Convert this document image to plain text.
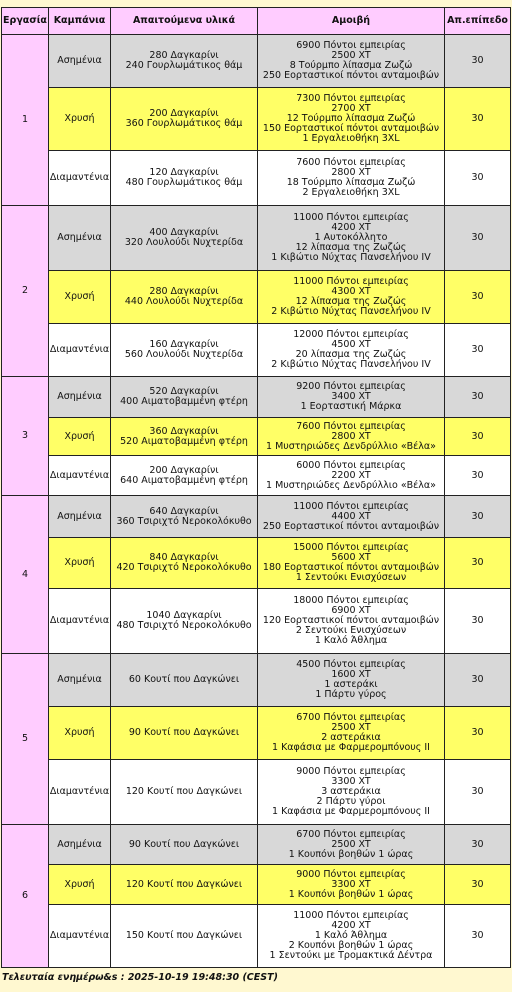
Εργασία	Καμπάνια	Απαιτούμενα υλικά	Αμοιβή	Απ.επίπεδο
1	Ασημένια	280 Δαγκαρίνι
240 Γουρλωμάτικος θάμ	6900 Πόντοι εμπειρίας
2500 XT
8 Τούρμπο λίπασμα Ζωζώ
250 Εορταστικοί πόντοι ανταμοιβών	30
	Χρυσή	200 Δαγκαρίνι
360 Γουρλωμάτικος θάμ	7300 Πόντοι εμπειρίας
2700 XT
12 Τούρμπο λίπασμα Ζωζώ
150 Εορταστικοί πόντοι ανταμοιβών
1 Εργαλειοθήκη 3XL	30
	Διαμαντένια	120 Δαγκαρίνι
480 Γουρλωμάτικος θάμ	7600 Πόντοι εμπειρίας
2800 XT
18 Τούρμπο λίπασμα Ζωζώ
2 Εργαλειοθήκη 3XL	30
2	Ασημένια	400 Δαγκαρίνι
320 Λουλούδι Νυχτερίδα	11000 Πόντοι εμπειρίας
4200 XT
1 Αυτοκόλλητο
12 λίπασμα της Ζωζώς
1 Κιβώτιο Νύχτας Πανσελήνου IV	30
	Χρυσή	280 Δαγκαρίνι
440 Λουλούδι Νυχτερίδα	11000 Πόντοι εμπειρίας
4300 XT
12 λίπασμα της Ζωζώς
2 Κιβώτιο Νύχτας Πανσελήνου IV	30
	Διαμαντένια	160 Δαγκαρίνι
560 Λουλούδι Νυχτερίδα	12000 Πόντοι εμπειρίας
4500 XT
20 λίπασμα της Ζωζώς
2 Κιβώτιο Νύχτας Πανσελήνου IV	30
3	Ασημένια	520 Δαγκαρίνι
400 Αιματοβαμμένη φτέρη	9200 Πόντοι εμπειρίας
3400 XT
1 Εορταστική Μάρκα	30
	Χρυσή	360 Δαγκαρίνι
520 Αιματοβαμμένη φτέρη	7600 Πόντοι εμπειρίας
2800 XT
1 Μυστηριώδες Δενδρύλλιο «Βέλα»	30
	Διαμαντένια	200 Δαγκαρίνι
640 Αιματοβαμμένη φτέρη	6000 Πόντοι εμπειρίας
2200 XT
1 Μυστηριώδες Δενδρύλλιο «Βέλα»	30
4	Ασημένια	640 Δαγκαρίνι
360 Τσιριχτό Νεροκολόκυθο	11000 Πόντοι εμπειρίας
4400 XT
250 Εορταστικοί πόντοι ανταμοιβών	30
	Χρυσή	840 Δαγκαρίνι
420 Τσιριχτό Νεροκολόκυθο	15000 Πόντοι εμπειρίας
5600 XT
180 Εορταστικοί πόντοι ανταμοιβών
1 Σεντούκι Ενισχύσεων	30
	Διαμαντένια	1040 Δαγκαρίνι
480 Τσιριχτό Νεροκολόκυθο	18000 Πόντοι εμπειρίας
6900 XT
120 Εορταστικοί πόντοι ανταμοιβών
2 Σεντούκι Ενισχύσεων
1 Καλό Άθλημα	30
5	Ασημένια	60 Κουτί που Δαγκώνει	4500 Πόντοι εμπειρίας
1600 XT
1 αστεράκι
1 Πάρτυ γύρος	30
	Χρυσή	90 Κουτί που Δαγκώνει	6700 Πόντοι εμπειρίας
2500 XT
2 αστεράκια
1 Καφάσια με Φαρμερομπόνους II	30
	Διαμαντένια	120 Κουτί που Δαγκώνει	9000 Πόντοι εμπειρίας
3300 XT
3 αστεράκια
2 Πάρτυ γύροι
1 Καφάσια με Φαρμερομπόνους II	30
6	Ασημένια	90 Κουτί που Δαγκώνει	6700 Πόντοι εμπειρίας
2500 XT
1 Κουπόνι βοηθών 1 ώρας	30
	Χρυσή	120 Κουτί που Δαγκώνει	9000 Πόντοι εμπειρίας
3300 XT
1 Κουπόνι βοηθών 1 ώρας	30
	Διαμαντένια	150 Κουτί που Δαγκώνει	11000 Πόντοι εμπειρίας
4200 XT
1 Καλό Άθλημα
2 Κουπόνι βοηθών 1 ώρας
1 Σεντούκι με Τρομακτικά Δέντρα	30
Τελευταία ενημέρω&s : 2025-10-19 19:48:30 (CEST)
